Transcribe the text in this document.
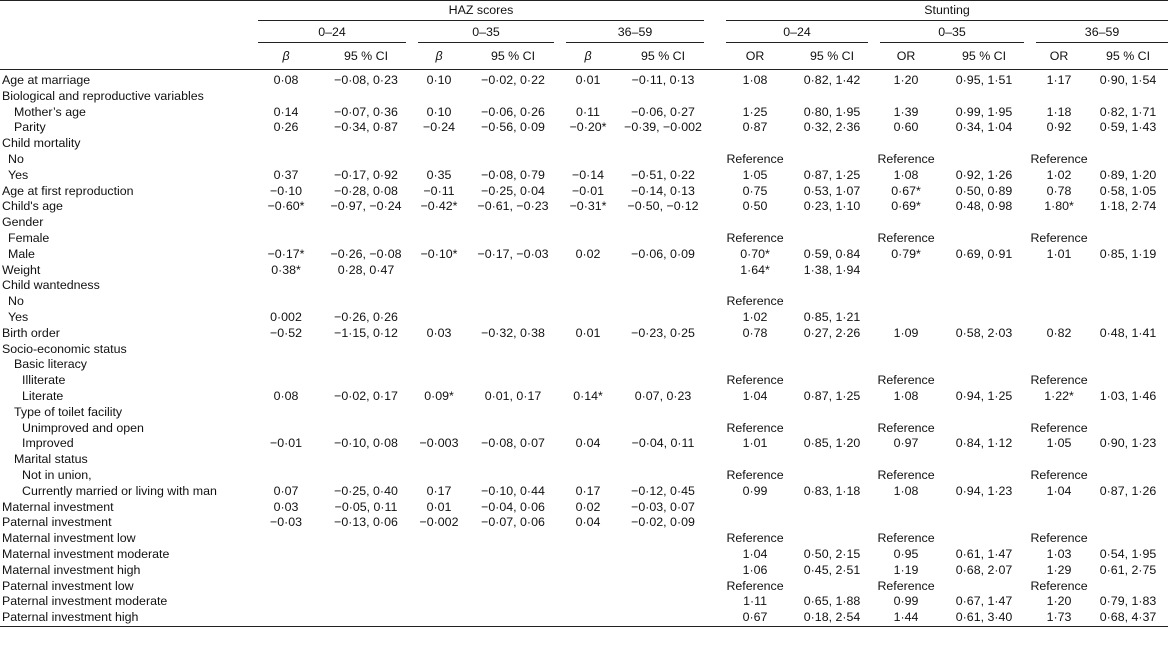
	HAZ scores							Stunting					

	0–24		0–35		36–59			0–24		0–35		36–59	

	β	95 % CI	β	95 % CI	β	95 % CI		OR	95 % CI	OR	95 % CI	OR	95 % CI
Age at marriage	0·08	−0·08, 0·23	0·10	−0·02, 0·22	0·01	−0·11, 0·13		1·08	0·82, 1·42	1·20	0·95, 1·51	1·17	0·90, 1·54
Biological and reproductive variables													
Mother’s age	0·14	−0·07, 0·36	0·10	−0·06, 0·26	0·11	−0·06, 0·27		1·25	0·80, 1·95	1·39	0·99, 1·95	1·18	0·82, 1·71
Parity	0·26	−0·34, 0·87	−0·24	−0·56, 0·09	−0·20*	−0·39, −0·002		0·87	0·32, 2·36	0·60	0·34, 1·04	0·92	0·59, 1·43
Child mortality													
No								Reference		Reference		Reference	
Yes	0·37	−0·17, 0·92	0·35	−0·08, 0·79	−0·14	−0·51, 0·22		1·05	0·87, 1·25	1·08	0·92, 1·26	1·02	0·89, 1·20
Age at first reproduction	−0·10	−0·28, 0·08	−0·11	−0·25, 0·04	−0·01	−0·14, 0·13		0·75	0·53, 1·07	0·67*	0·50, 0·89	0·78	0·58, 1·05
Child's age	−0·60*	−0·97, −0·24	−0·42*	−0·61, −0·23	−0·31*	−0·50, −0·12		0·50	0·23, 1·10	0·69*	0·48, 0·98	1·80*	1·18, 2·74
Gender													
Female								Reference		Reference		Reference	
Male	−0·17*	−0·26, −0·08	−0·10*	−0·17, −0·03	0·02	−0·06, 0·09		0·70*	0·59, 0·84	0·79*	0·69, 0·91	1·01	0·85, 1·19
Weight	0·38*	0·28, 0·47						1·64*	1·38, 1·94				
Child wantedness													
No								Reference					
Yes	0·002	−0·26, 0·26						1·02	0·85, 1·21				
Birth order	−0·52	−1·15, 0·12	0·03	−0·32, 0·38	0·01	−0·23, 0·25		0·78	0·27, 2·26	1·09	0·58, 2·03	0·82	0·48, 1·41
Socio-economic status													
Basic literacy													
Illiterate								Reference		Reference		Reference	
Literate	0·08	−0·02, 0·17	0·09*	0·01, 0·17	0·14*	0·07, 0·23		1·04	0·87, 1·25	1·08	0·94, 1·25	1·22*	1·03, 1·46
Type of toilet facility													
Unimproved and open								Reference		Reference		Reference	
Improved	−0·01	−0·10, 0·08	−0·003	−0·08, 0·07	0·04	−0·04, 0·11		1·01	0·85, 1·20	0·97	0·84, 1·12	1·05	0·90, 1·23
Marital status													
Not in union,								Reference		Reference		Reference	
Currently married or living with man	0·07	−0·25, 0·40	0·17	−0·10, 0·44	0·17	−0·12, 0·45		0·99	0·83, 1·18	1·08	0·94, 1·23	1·04	0·87, 1·26
Maternal investment	0·03	−0·05, 0·11	0·01	−0·04, 0·06	0·02	−0·03, 0·07							
Paternal investment	−0·03	−0·13, 0·06	−0·002	−0·07, 0·06	0·04	−0·02, 0·09							
Maternal investment low								Reference		Reference		Reference	
Maternal investment moderate								1·04	0·50, 2·15	0·95	0·61, 1·47	1·03	0·54, 1·95
Maternal investment high								1·06	0·45, 2·51	1·19	0·68, 2·07	1·29	0·61, 2·75
Paternal investment low								Reference		Reference		Reference	
Paternal investment moderate								1·11	0·65, 1·88	0·99	0·67, 1·47	1·20	0·79, 1·83
Paternal investment high								0·67	0·18, 2·54	1·44	0·61, 3·40	1·73	0·68, 4·37
